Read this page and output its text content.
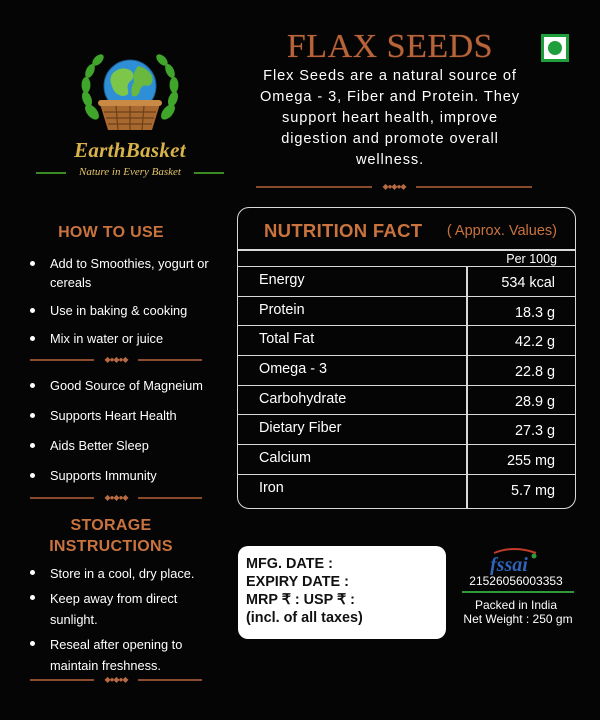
EarthBasket
Nature in Every Basket
FLAX SEEDS
Flex Seeds are a natural source of Omega - 3, Fiber and Protein. They support heart health, improve digestion and promote overall wellness.
◆●◆●◆
HOW TO USE
Add to Smoothies, yogurt or cereals
Use in baking & cooking
Mix in water or juice
◆●◆●◆
Good Source of Magneium
Supports Heart Health
Aids Better Sleep
Supports Immunity
◆●◆●◆
STORAGE
INSTRUCTIONS
Store in a cool, dry place.
Keep away from direct sunlight.
Reseal after opening to maintain freshness.
◆●◆●◆
NUTRITION FACT ( Approx. Values)
Per 100g
Energy	534 kcal
Protein	18.3 g
Total Fat	42.2 g
Omega - 3	22.8 g
Carbohydrate	28.9 g
Dietary Fiber	27.3 g
Calcium	255 mg
Iron	5.7 mg
MFG. DATE :
EXPIRY DATE :
MRP ₹ : USP ₹ :
(incl. of all taxes)
fssai
21526056003353
Packed in India
Net Weight : 250 gm
